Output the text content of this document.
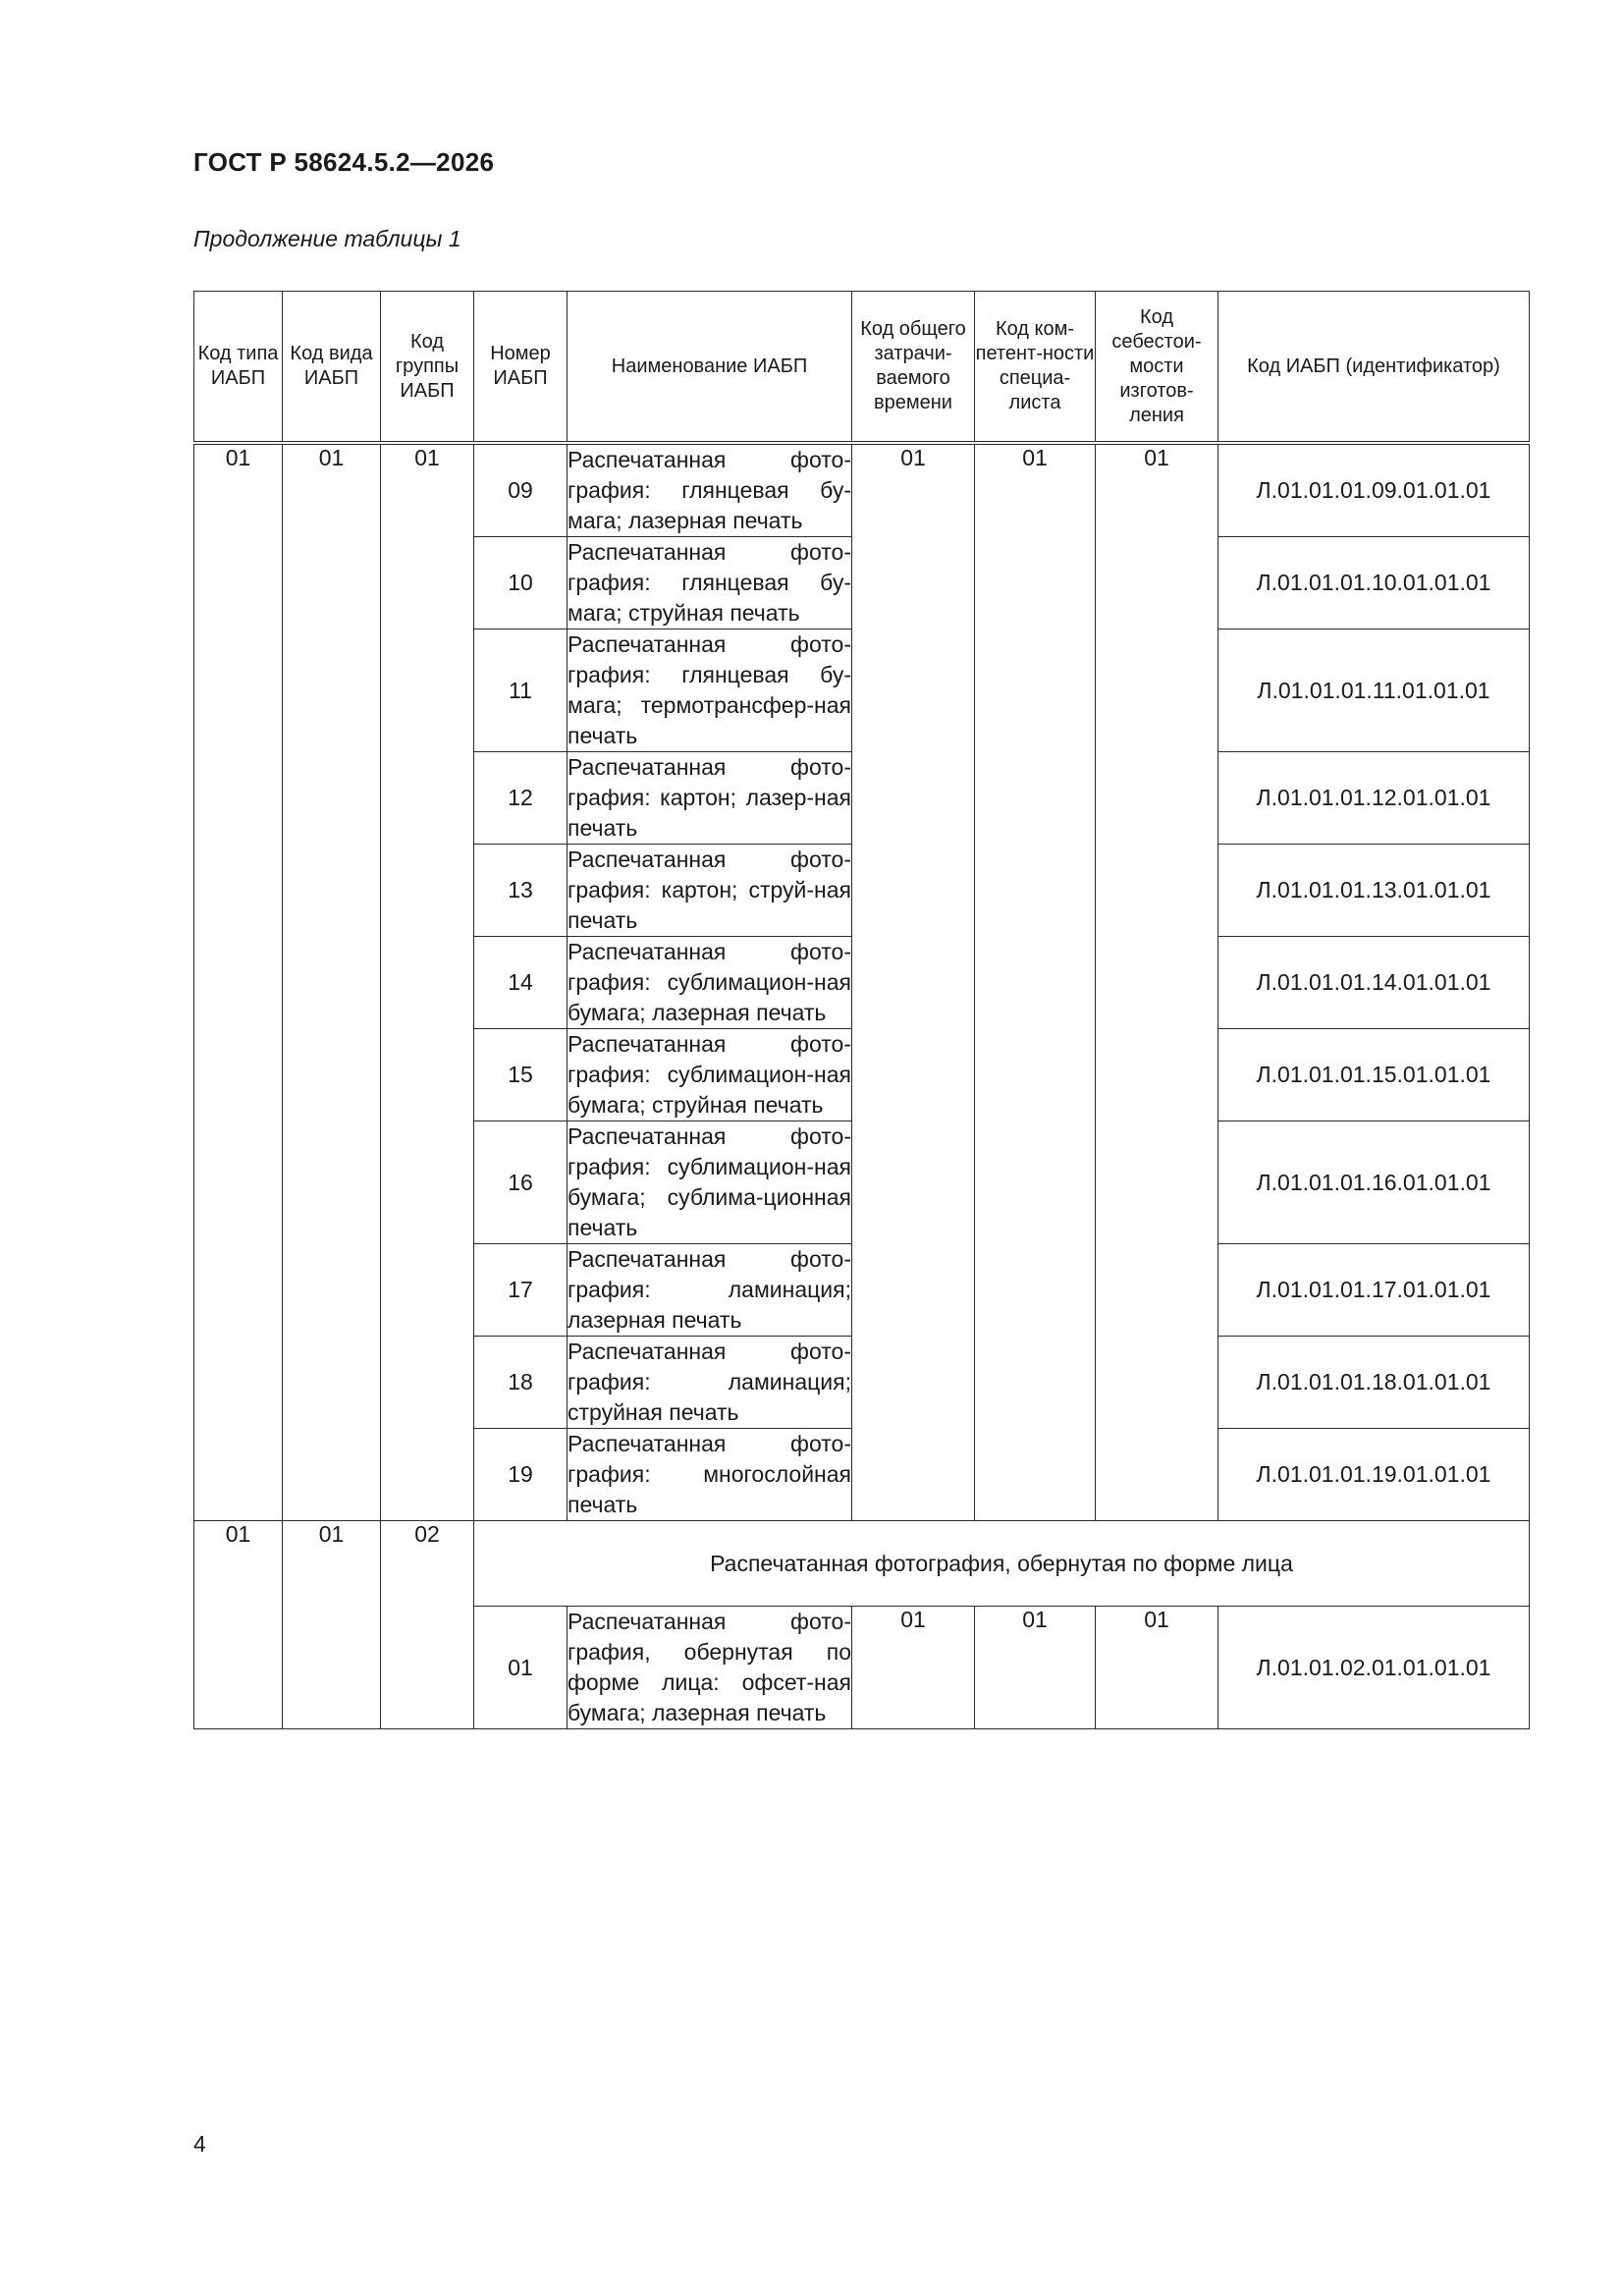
ГОСТ Р 58624.5.2—2026
Продолжение таблицы 1
Код типа ИАБП	Код вида ИАБП	Код группы ИАБП	Номер ИАБП	Наименование ИАБП	Код общего затрачи-ваемого времени	Код ком-петент-ности специа-листа	Код себестои-мости изготов-ления	Код ИАБП (идентификатор)
01	01	01	09	Распечатанная фото-графия: глянцевая бу-мага; лазерная печать	01	01	01	Л.01.01.01.09.01.01.01
			10	Распечатанная фото-графия: глянцевая бу-мага; струйная печать				Л.01.01.01.10.01.01.01
			11	Распечатанная фото-графия: глянцевая бу-мага; термотрансфер-ная печать				Л.01.01.01.11.01.01.01
			12	Распечатанная фото-графия: картон; лазер-ная печать				Л.01.01.01.12.01.01.01
			13	Распечатанная фото-графия: картон; струй-ная печать				Л.01.01.01.13.01.01.01
			14	Распечатанная фото-графия: сублимацион-ная бумага; лазерная печать				Л.01.01.01.14.01.01.01
			15	Распечатанная фото-графия: сублимацион-ная бумага; струйная печать				Л.01.01.01.15.01.01.01
			16	Распечатанная фото-графия: сублимацион-ная бумага; сублима-ционная печать				Л.01.01.01.16.01.01.01
			17	Распечатанная фото-графия: ламинация; лазерная печать				Л.01.01.01.17.01.01.01
			18	Распечатанная фото-графия: ламинация; струйная печать				Л.01.01.01.18.01.01.01
			19	Распечатанная фото-графия: многослойная печать				Л.01.01.01.19.01.01.01
01	01	02	Распечатанная фотография, обернутая по форме лица					
			01	Распечатанная фото-графия, обернутая по форме лица: офсет-ная бумага; лазерная печать	01	01	01	Л.01.01.02.01.01.01.01
4
